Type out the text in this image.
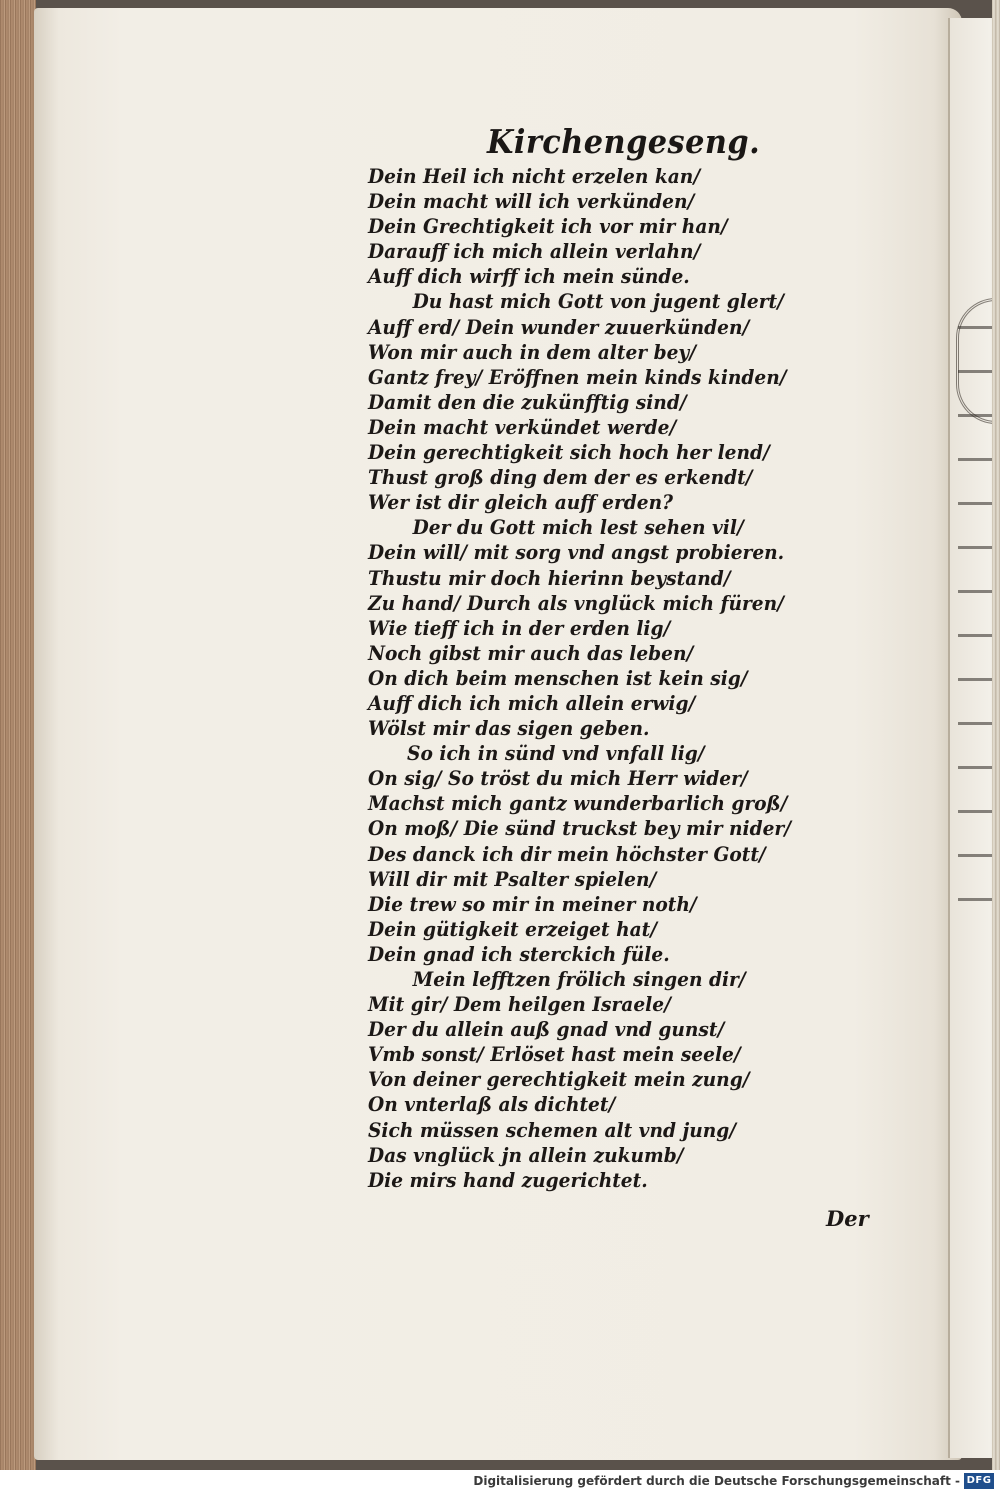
Kirchengeseng.
Dein Heil ich nicht erzelen kan/
Dein macht will ich verkünden/
Dein Grechtigkeit ich vor mir han/
Darauff ich mich allein verlahn/
Auff dich wirff ich mein sünde.
Du hast mich Gott von jugent glert/
Auff erd/ Dein wunder zuuerkünden/
Won mir auch in dem alter bey/
Gantz frey/ Eröffnen mein kinds kinden/
Damit den die zukünfftig sind/
Dein macht verkündet werde/
Dein gerechtigkeit sich hoch her lend/
Thust groß ding dem der es erkendt/
Wer ist dir gleich auff erden?
Der du Gott mich lest sehen vil/
Dein will/ mit sorg vnd angst probieren.
Thustu mir doch hierinn beystand/
Zu hand/ Durch als vnglück mich füren/
Wie tieff ich in der erden lig/
Noch gibst mir auch das leben/
On dich beim menschen ist kein sig/
Auff dich ich mich allein erwig/
Wölst mir das sigen geben.
So ich in sünd vnd vnfall lig/
On sig/ So tröst du mich Herr wider/
Machst mich gantz wunderbarlich groß/
On moß/ Die sünd truckst bey mir nider/
Des danck ich dir mein höchster Gott/
Will dir mit Psalter spielen/
Die trew so mir in meiner noth/
Dein gütigkeit erzeiget hat/
Dein gnad ich sterckich füle.
Mein lefftzen frölich singen dir/
Mit gir/ Dem heilgen Israele/
Der du allein auß gnad vnd gunst/
Vmb sonst/ Erlöset hast mein seele/
Von deiner gerechtigkeit mein zung/
On vnterlaß als dichtet/
Sich müssen schemen alt vnd jung/
Das vnglück jn allein zukumb/
Die mirs hand zugerichtet.
Der
Digitalisierung gefördert durch die Deutsche Forschungsgemeinschaft - DFG
